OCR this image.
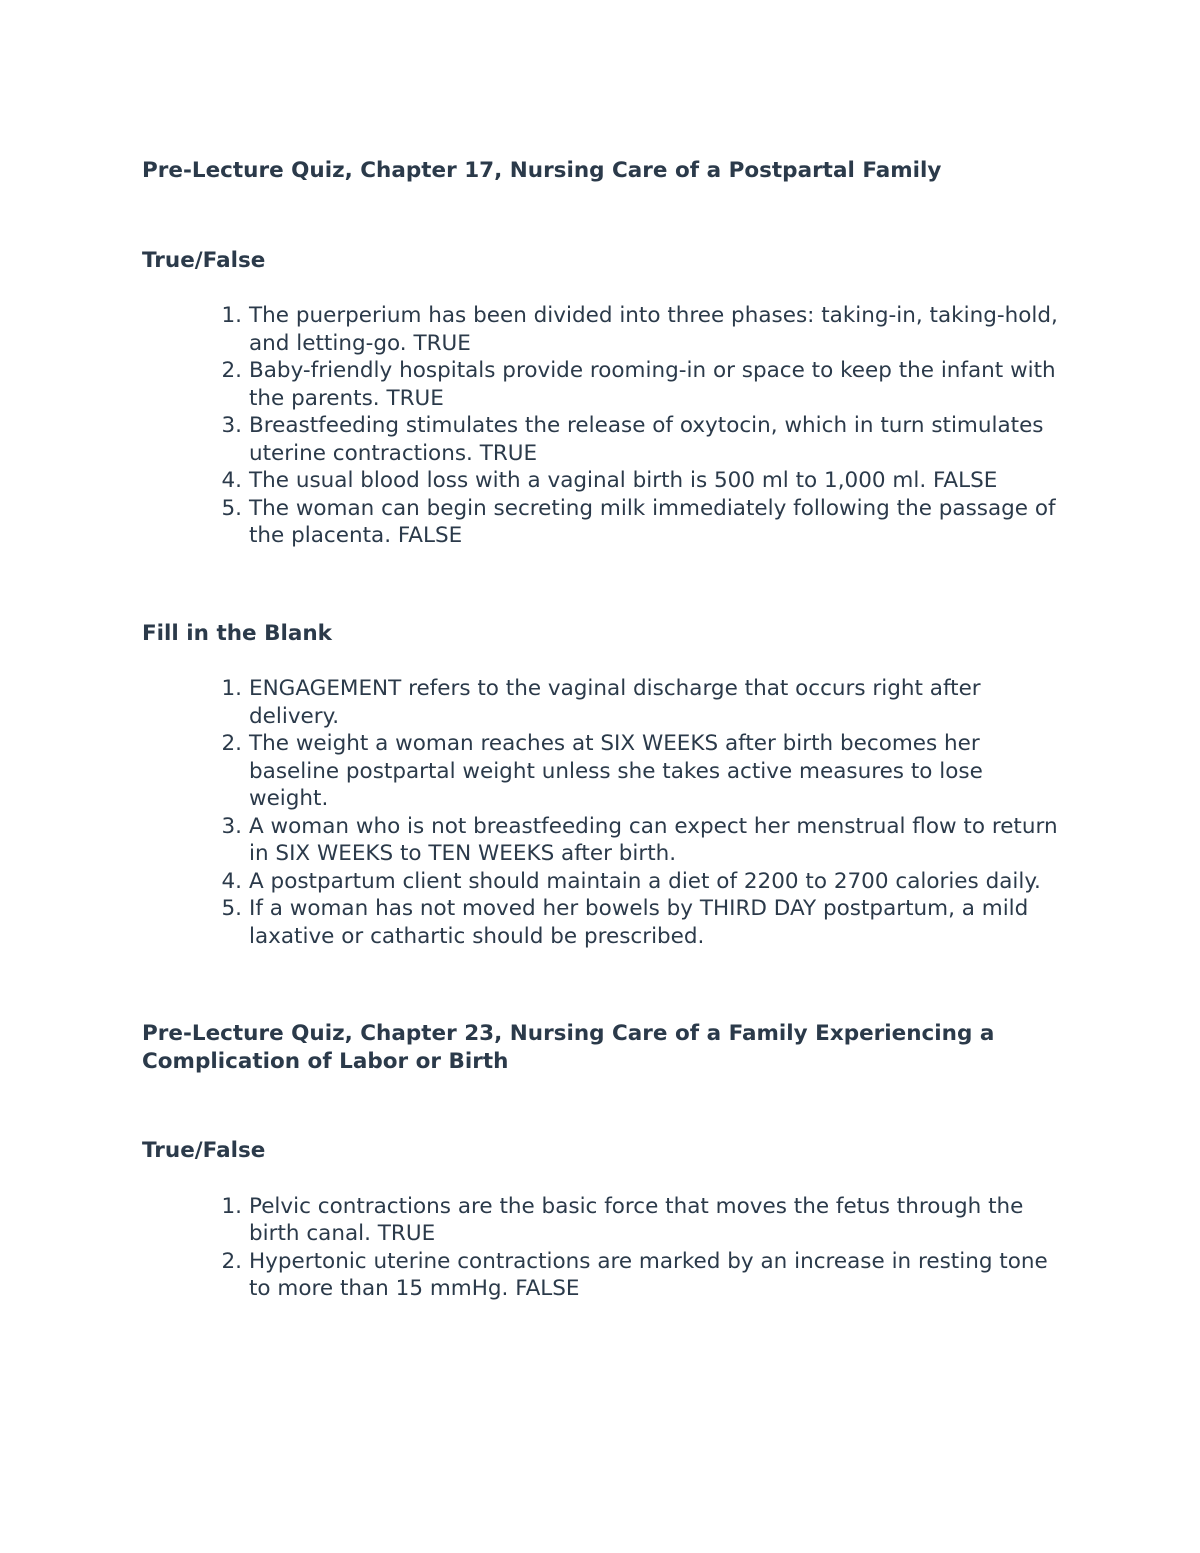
Pre-Lecture Quiz, Chapter 17, Nursing Care of a Postpartal Family
True/False
1. The puerperium has been divided into three phases: taking-in, taking-hold, and letting-go. TRUE
2. Baby-friendly hospitals provide rooming-in or space to keep the infant with the parents. TRUE
3. Breastfeeding stimulates the release of oxytocin, which in turn stimulates uterine contractions. TRUE
4. The usual blood loss with a vaginal birth is 500 ml to 1,000 ml. FALSE
5. The woman can begin secreting milk immediately following the passage of the placenta. FALSE
Fill in the Blank
1. ENGAGEMENT refers to the vaginal discharge that occurs right after delivery.
2. The weight a woman reaches at SIX WEEKS after birth becomes her baseline postpartal weight unless she takes active measures to lose weight.
3. A woman who is not breastfeeding can expect her menstrual flow to return in SIX WEEKS to TEN WEEKS after birth.
4. A postpartum client should maintain a diet of 2200 to 2700 calories daily.
5. If a woman has not moved her bowels by THIRD DAY postpartum, a mild laxative or cathartic should be prescribed.
Pre-Lecture Quiz, Chapter 23, Nursing Care of a Family Experiencing a Complication of Labor or Birth
True/False
1. Pelvic contractions are the basic force that moves the fetus through the birth canal. TRUE
2. Hypertonic uterine contractions are marked by an increase in resting tone to more than 15 mmHg. FALSE
